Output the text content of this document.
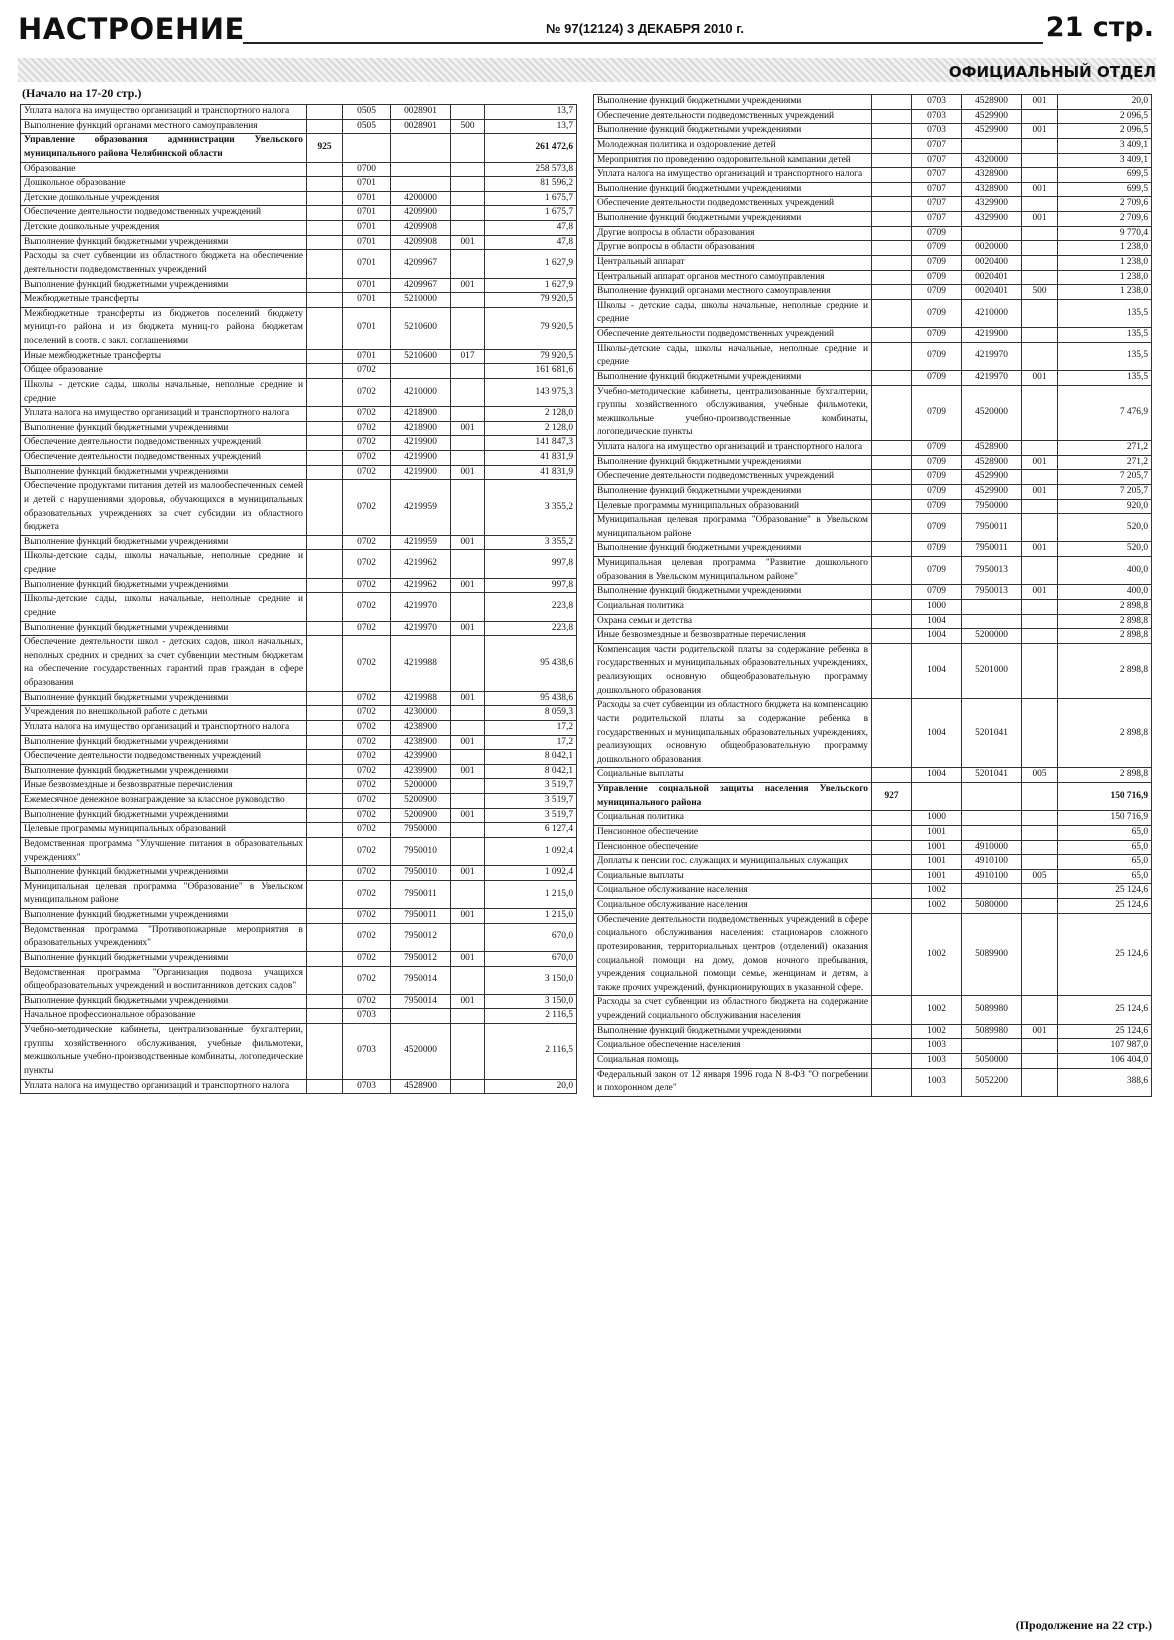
НАСТРОЕНИЕ	№ 97(12124) 3 ДЕКАБРЯ 2010 г.	21 стр.
ОФИЦИАЛЬНЫЙ ОТДЕЛ
(Начало на 17-20 стр.)
Уплата налога на имущество организаций и транспортного налога		0505	0028901		13,7
Выполнение функций органами местного самоуправления		0505	0028901	500	13,7
Управление образования администрации Увельского муниципального района Челябинской области	925				261 472,6
Образование		0700			258 573,8
Дошкольное образование		0701			81 596,2
Детские дошкольные учреждения		0701	4200000		1 675,7
Обеспечение деятельности подведомственных учреждений		0701	4209900		1 675,7
Детские дошкольные учреждения		0701	4209908		47,8
Выполнение функций бюджетными учреждениями		0701	4209908	001	47,8
Расходы за счет субвенции из областного бюджета на обеспечение деятельности подведомственных учреждений		0701	4209967		1 627,9
Выполнение функций бюджетными учреждениями		0701	4209967	001	1 627,9
Межбюджетные трансферты		0701	5210000		79 920,5
Межбюджетные трансферты из бюджетов поселений бюджету муницп-го района и из бюджета муниц-го района бюджетам поселений в соотв. с закл. соглашениями		0701	5210600		79 920,5
Иные межбюджетные трансферты		0701	5210600	017	79 920,5
Общее образование		0702			161 681,6
Школы - детские сады, школы начальные, неполные средние и средние		0702	4210000		143 975,3
Уплата налога на имущество организаций и транспортного налога		0702	4218900		2 128,0
Выполнение функций бюджетными учреждениями		0702	4218900	001	2 128,0
Обеспечение деятельности подведомственных учреждений		0702	4219900		141 847,3
Обеспечение деятельности подведомственных учреждений		0702	4219900		41 831,9
Выполнение функций бюджетными учреждениями		0702	4219900	001	41 831,9
Обеспечение продуктами питания детей из малообеспеченных семей и детей с нарушениями здоровья, обучающихся в муниципальных образовательных учреждениях за счет субсидии из областного бюджета		0702	4219959		3 355,2
Выполнение функций бюджетными учреждениями		0702	4219959	001	3 355,2
Школы-детские сады, школы начальные, неполные средние и средние		0702	4219962		997,8
Выполнение функций бюджетными учреждениями		0702	4219962	001	997,8
Школы-детские сады, школы начальные, неполные средние и средние		0702	4219970		223,8
Выполнение функций бюджетными учреждениями		0702	4219970	001	223,8
Обеспечение деятельности школ - детских садов, школ начальных, неполных средних и средних за счет субвенции местным бюджетам на обеспечение государственных гарантий прав граждан в сфере образования		0702	4219988		95 438,6
Выполнение функций бюджетными учреждениями		0702	4219988	001	95 438,6
Учреждения по внешкольной работе с детьми		0702	4230000		8 059,3
Уплата налога на имущество организаций и транспортного налога		0702	4238900		17,2
Выполнение функций бюджетными учреждениями		0702	4238900	001	17,2
Обеспечение деятельности подведомственных учреждений		0702	4239900		8 042,1
Выполнение функций бюджетными учреждениями		0702	4239900	001	8 042,1
Иные безвозмездные и безвозвратные перечисления		0702	5200000		3 519,7
Ежемесячное денежное вознаграждение за классное руководство		0702	5200900		3 519,7
Выполнение функций бюджетными учреждениями		0702	5200900	001	3 519,7
Целевые программы муниципальных образований		0702	7950000		6 127,4
Ведомственная программа "Улучшение питания в образовательных учреждениях"		0702	7950010		1 092,4
Выполнение функций бюджетными учреждениями		0702	7950010	001	1 092,4
Муниципальная целевая программа "Образование" в Увельском муниципальном районе		0702	7950011		1 215,0
Выполнение функций бюджетными учреждениями		0702	7950011	001	1 215,0
Ведомственная программа "Противопожарные мероприятия в образовательных учреждениях"		0702	7950012		670,0
Выполнение функций бюджетными учреждениями		0702	7950012	001	670,0
Ведомственная программа "Организация подвоза учащихся общеобразовательных учреждений и воспитанников детских садов"		0702	7950014		3 150,0
Выполнение функций бюджетными учреждениями		0702	7950014	001	3 150,0
Начальное профессиональное образование		0703			2 116,5
Учебно-методические кабинеты, централизованные бухгалтерии, группы хозяйственного обслуживания, учебные фильмотеки, межшкольные учебно-производственные комбинаты, логопедические пункты		0703	4520000		2 116,5
Уплата налога на имущество организаций и транспортного налога		0703	4528900		20,0
Выполнение функций бюджетными учреждениями		0703	4528900	001	20,0
Обеспечение деятельности подведомственных учреждений		0703	4529900		2 096,5
Выполнение функций бюджетными учреждениями		0703	4529900	001	2 096,5
Молодежная политика и оздоровление детей		0707			3 409,1
Мероприятия по проведению оздоровительной кампании детей		0707	4320000		3 409,1
Уплата налога на имущество организаций и транспортного налога		0707	4328900		699,5
Выполнение функций бюджетными учреждениями		0707	4328900	001	699,5
Обеспечение деятельности подведомственных учреждений		0707	4329900		2 709,6
Выполнение функций бюджетными учреждениями		0707	4329900	001	2 709,6
Другие вопросы в области образования		0709			9 770,4
Другие вопросы в области образования		0709	0020000		1 238,0
Центральный аппарат		0709	0020400		1 238,0
Центральный аппарат органов местного самоуправления		0709	0020401		1 238,0
Выполнение функций органами местного самоуправления		0709	0020401	500	1 238,0
Школы - детские сады, школы начальные, неполные средние и средние		0709	4210000		135,5
Обеспечение деятельности подведомственных учреждений		0709	4219900		135,5
Школы-детские сады, школы начальные, неполные средние и средние		0709	4219970		135,5
Выполнение функций бюджетными учреждениями		0709	4219970	001	135,5
Учебно-методические кабинеты, централизованные бухгалтерии, группы хозяйственного обслуживания, учебные фильмотеки, межшкольные учебно-производственные комбинаты, логопедические пункты		0709	4520000		7 476,9
Уплата налога на имущество организаций и транспортного налога		0709	4528900		271,2
Выполнение функций бюджетными учреждениями		0709	4528900	001	271,2
Обеспечение деятельности подведомственных учреждений		0709	4529900		7 205,7
Выполнение функций бюджетными учреждениями		0709	4529900	001	7 205,7
Целевые программы муниципальных образований		0709	7950000		920,0
Муниципальная целевая программа "Образование" в Увельском муниципальном районе		0709	7950011		520,0
Выполнение функций бюджетными учреждениями		0709	7950011	001	520,0
Муниципальная целевая программа "Развитие дошкольного образования в Увельском муниципальном районе"		0709	7950013		400,0
Выполнение функций бюджетными учреждениями		0709	7950013	001	400,0
Социальная политика		1000			2 898,8
Охрана семьи и детства		1004			2 898,8
Иные безвозмездные и безвозвратные перечисления		1004	5200000		2 898,8
Компенсация части родительской платы за содержание ребенка в государственных и муниципальных образовательных учреждениях, реализующих основную общеобразовательную программу дошкольного образования		1004	5201000		2 898,8
Расходы за счет субвенции из областного бюджета на компенсацию части родительской платы за содержание ребенка в государственных и муниципальных образовательных учреждениях, реализующих основную общеобразовательную программу дошкольного образования		1004	5201041		2 898,8
Социальные выплаты		1004	5201041	005	2 898,8
Управление социальной защиты населения Увельского муниципального района	927				150 716,9
Социальная политика		1000			150 716,9
Пенсионное обеспечение		1001			65,0
Пенсионное обеспечение		1001	4910000		65,0
Доплаты к пенсии гос. служащих и муниципальных служащих		1001	4910100		65,0
Социальные выплаты		1001	4910100	005	65,0
Социальное обслуживание населения		1002			25 124,6
Социальное обслуживание населения		1002	5080000		25 124,6
Обеспечение деятельности подведомственных учреждений в сфере социального обслуживания населения: стационаров сложного протезирования, территориальных центров (отделений) оказания социальной помощи на дому, домов ночного пребывания, учреждения социальной помощи семье, женщинам и детям, а также прочих учреждений, функционирующих в указанной сфере.		1002	5089900		25 124,6
Расходы за счет субвенции из областного бюджета на содержание учреждений социального обслуживания населения		1002	5089980		25 124,6
Выполнение функций бюджетными учреждениями		1002	5089980	001	25 124,6
Социальное обеспечение населения		1003			107 987,0
Социальная помощь		1003	5050000		106 404,0
Федеральный закон от 12 января 1996 года N 8-ФЗ "О погребении и похоронном деле"		1003	5052200		388,6
(Продолжение на 22 стр.)
